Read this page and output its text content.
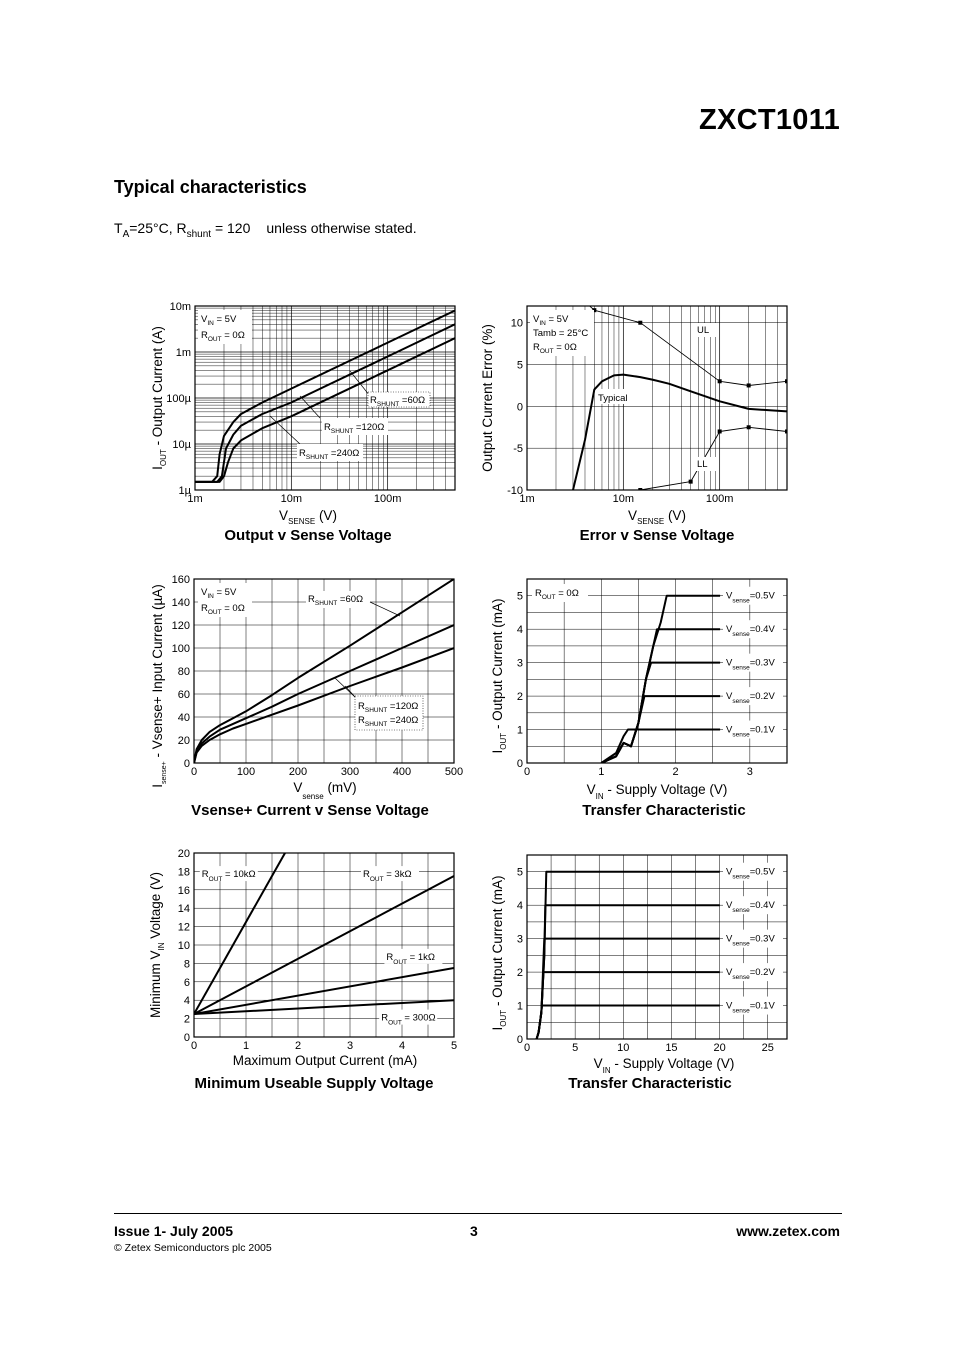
ZXCT1011
Typical characteristics
$T_A=25^\circ C$, $R_{shunt} = 120$ unless otherwise stated.
1m	10m	100m
1µ
10µ
100µ
1m
10m
$V_{IN} = 5V$
$R_{OUT} = 0\Omega$
$R_{SHUNT} =60\Omega$
$R_{SHUNT} =120\Omega$
$R_{SHUNT} =240\Omega$
$V_{SENSE}$ (V)
$I_{OUT}$ - Output Current (A)
Output v Sense Voltage
1m	10m	100m
-10
-5
0
5
10 $V_{IN} = 5V$
Tamb = 25°C
$R_{OUT} = 0\Omega$
Typical
UL
LL
$V_{SENSE}$ (V)
Output Current Error (%)
Error v Sense Voltage
0	100	200	300	400	500
0
20
40
60
80
100
120
140
160
$V_{IN} = 5V$
$R_{OUT} = 0\Omega$
$R_{SHUNT} =60\Omega$
$R_{SHUNT} =120\Omega$
$R_{SHUNT} =240\Omega$
$V_{sense}$ (mV)
$I_{sense+}$ - Vsense+ Input Current (µA)
Vsense+ Current v Sense Voltage
0	1	2	3
0
1
2
3
4
5 $R_{OUT} = 0\Omega$	$V_{sense}=0.5V$
$V_{sense}=0.4V$
$V_{sense}=0.3V$
$V_{sense}=0.2V$
$V_{sense}=0.1V$
$V_{IN}$ - Supply Voltage (V)
$I_{OUT}$ - Output Current (mA)
Transfer Characteristic
0	1	2	3	4	5
0
2
4
6
8
10
12
14
16
18
20
$R_{OUT} = 10k\Omega$	$R_{OUT} = 3k\Omega$
$R_{OUT} = 1k\Omega$
$R_{OUT} = 300\Omega$
Maximum Output Current (mA)
Minimum $V_{IN}$ Voltage (V)
Minimum Useable Supply Voltage
0	5	10	15	20	25
0
1
2
3
4
5	$V_{sense}=0.5V$
$V_{sense}=0.4V$
$V_{sense}=0.3V$
$V_{sense}=0.2V$
$V_{sense}=0.1V$
$V_{IN}$ - Supply Voltage (V)
$I_{OUT}$ - Output Current (mA)
Transfer Characteristic
Issue 1- July 2005	3	www.zetex.com
© Zetex Semiconductors plc 2005
